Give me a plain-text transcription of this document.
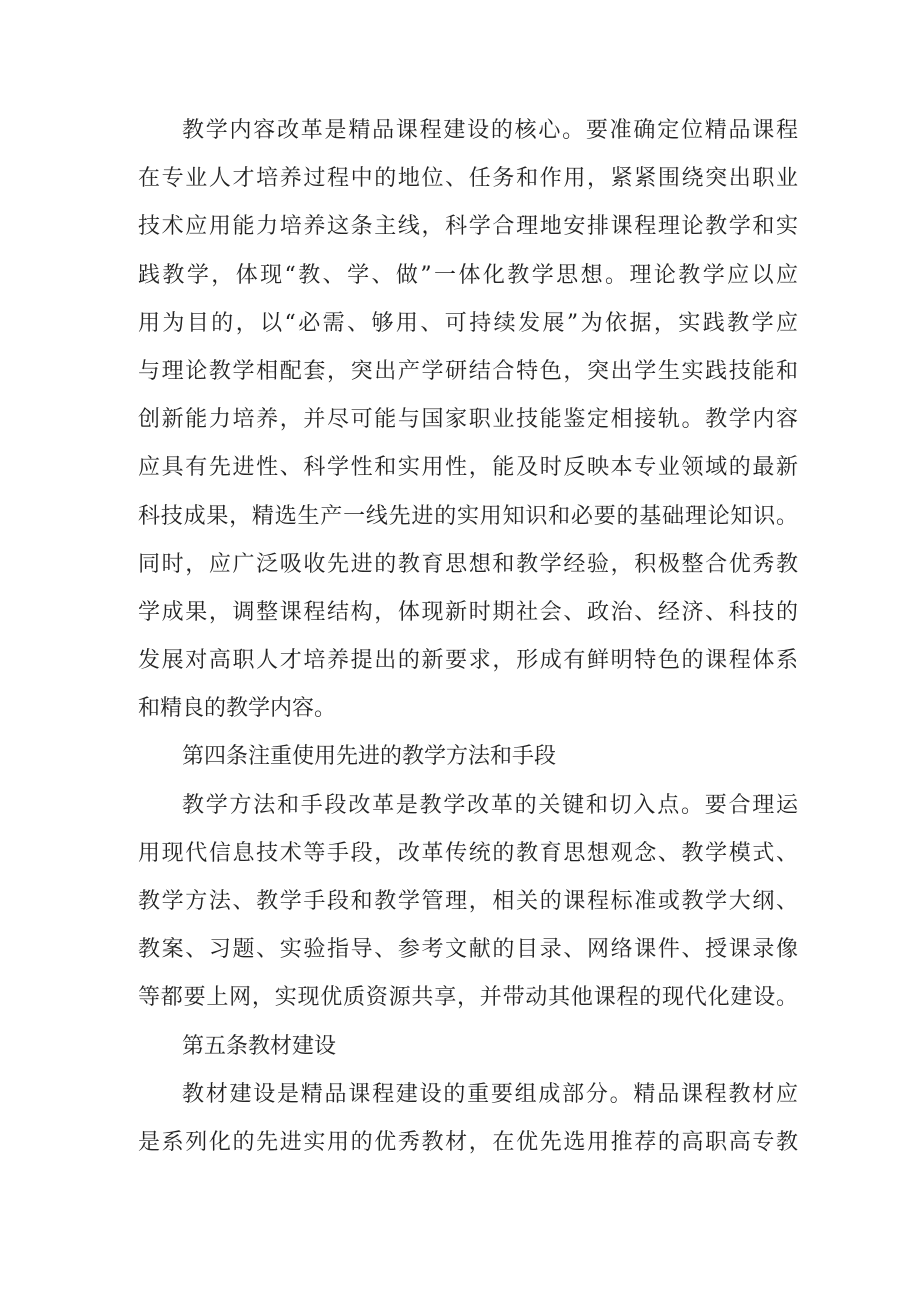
教学内容改革是精品课程建设的核心。要准确定位精品课程
在专业人才培养过程中的地位、任务和作用，紧紧围绕突出职业
技术应用能力培养这条主线，科学合理地安排课程理论教学和实
践教学，体现“教、学、做”一体化教学思想。理论教学应以应
用为目的，以“必需、够用、可持续发展”为依据，实践教学应
与理论教学相配套，突出产学研结合特色，突出学生实践技能和
创新能力培养，并尽可能与国家职业技能鉴定相接轨。教学内容
应具有先进性、科学性和实用性，能及时反映本专业领域的最新
科技成果，精选生产一线先进的实用知识和必要的基础理论知识。
同时，应广泛吸收先进的教育思想和教学经验，积极整合优秀教
学成果，调整课程结构，体现新时期社会、政治、经济、科技的
发展对高职人才培养提出的新要求，形成有鲜明特色的课程体系
和精良的教学内容。
第四条注重使用先进的教学方法和手段
教学方法和手段改革是教学改革的关键和切入点。要合理运
用现代信息技术等手段，改革传统的教育思想观念、教学模式、
教学方法、教学手段和教学管理，相关的课程标准或教学大纲、
教案、习题、实验指导、参考文献的目录、网络课件、授课录像
等都要上网，实现优质资源共享，并带动其他课程的现代化建设。
第五条教材建设
教材建设是精品课程建设的重要组成部分。精品课程教材应
是系列化的先进实用的优秀教材，在优先选用推荐的高职高专教
